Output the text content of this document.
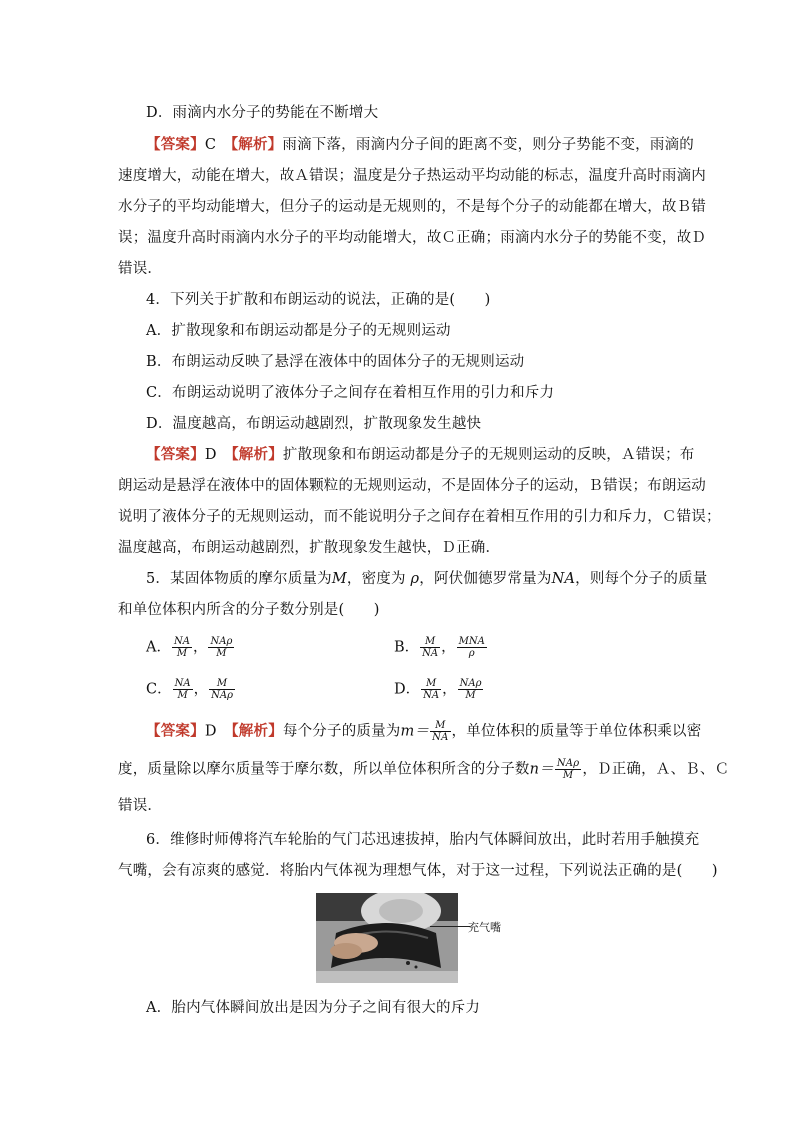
D．雨滴内水分子的势能在不断增大
【答案】C　 【解析】雨滴下落，雨滴内分子间的距离不变，则分子势能不变，雨滴的
速度增大，动能在增大，故Ａ错误；温度是分子热运动平均动能的标志，温度升高时雨滴内
水分子的平均动能增大，但分子的运动是无规则的，不是每个分子的动能都在增大，故Ｂ错
误；温度升高时雨滴内水分子的平均动能增大，故Ｃ正确；雨滴内水分子的势能不变，故Ｄ
错误．
4．下列关于扩散和布朗运动的说法，正确的是(　　)
A．扩散现象和布朗运动都是分子的无规则运动
B．布朗运动反映了悬浮在液体中的固体分子的无规则运动
C．布朗运动说明了液体分子之间存在着相互作用的引力和斥力
D．温度越高，布朗运动越剧烈，扩散现象发生越快
【答案】D　 【解析】扩散现象和布朗运动都是分子的无规则运动的反映，Ａ错误；布
朗运动是悬浮在液体中的固体颗粒的无规则运动，不是固体分子的运动，Ｂ错误；布朗运动
说明了液体分子的无规则运动，而不能说明分子之间存在着相互作用的引力和斥力，Ｃ错误；
温度越高，布朗运动越剧烈，扩散现象发生越快，Ｄ正确．
5．某固体物质的摩尔质量为M，密度为 ρ，阿伏伽德罗常量为NA，则每个分子的质量
和单位体积内所含的分子数分别是(　　)
A． $\frac{NA}{M}$ ， $\frac{\text{NAρ}}{M}$	B． $\frac{M}{NA}$ ， $\frac{\text{MNA}}{\rho}$
C． $\frac{NA}{M}$ ， $\frac{M}{\text{NAρ}}$	D． $\frac{M}{NA}$ ， $\frac{\text{NAρ}}{M}$
【答案】D　 【解析】每个分子的质量为$m= \frac{M}{NA}$ ，单位体积的质量等于单位体积乘以密
度，质量除以摩尔质量等于摩尔数，所以单位体积所含的分子数$n= \frac{\text{NAρ}}{M}$ ，Ｄ正确，Ａ、Ｂ、Ｃ
错误．
6．维修时师傅将汽车轮胎的气门芯迅速拔掉，胎内气体瞬间放出，此时若用手触摸充
气嘴，会有凉爽的感觉．将胎内气体视为理想气体，对于这一过程，下列说法正确的是(　　)
充气嘴
A．胎内气体瞬间放出是因为分子之间有很大的斥力
